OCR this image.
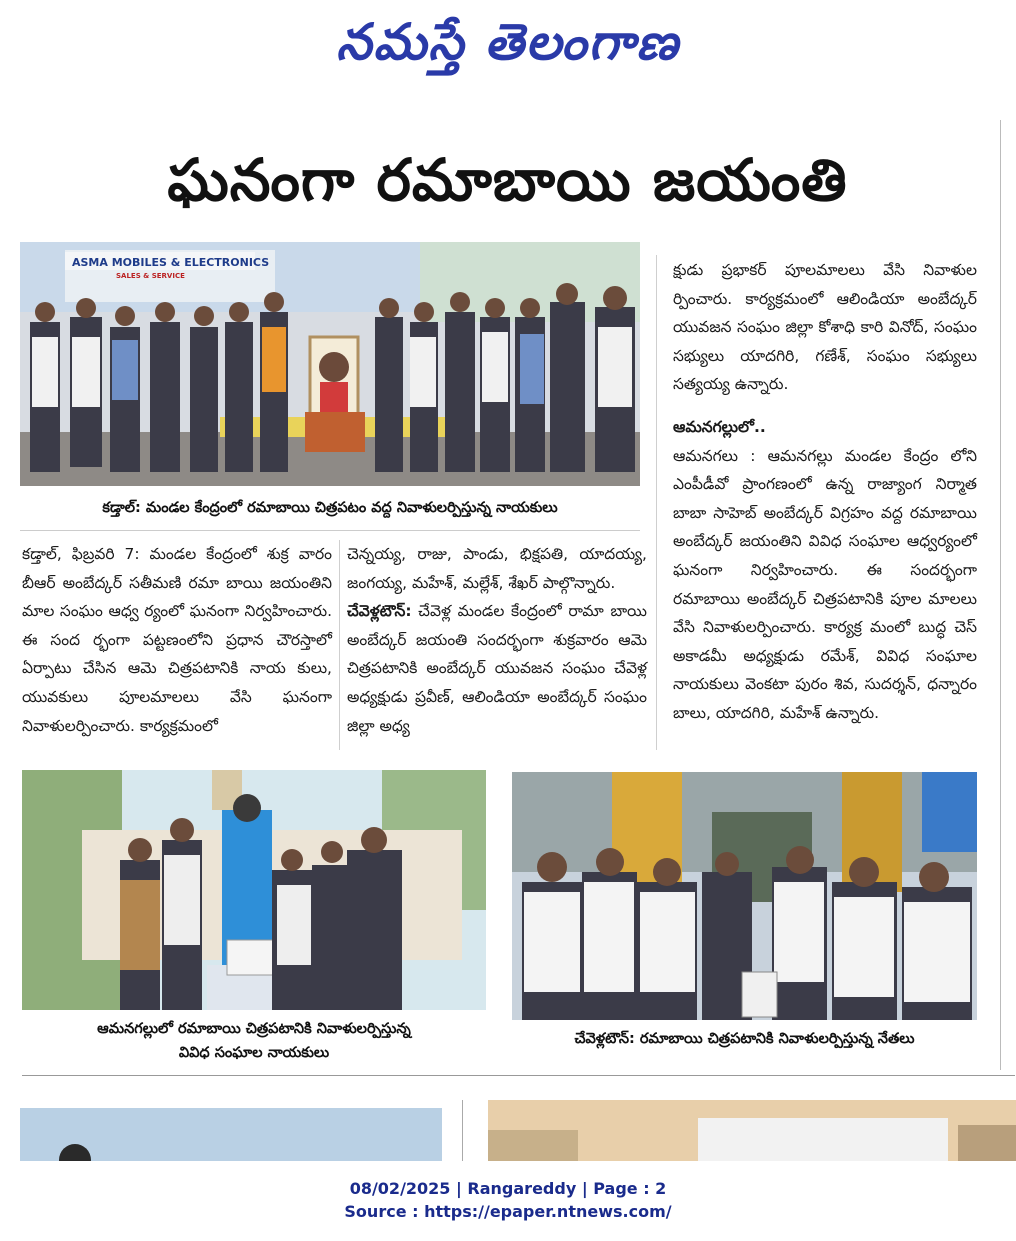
నమస్తే తెలంగాణ
ఘనంగా రమాబాయి జయంతి
ASMA MOBILES & ELECTRONICS
SALES & SERVICE
కడ్తాల్: మండల కేంద్రంలో రమాబాయి చిత్రపటం వద్ద నివాళులర్పిస్తున్న నాయకులు

కడ్తాల్, ఫిబ్రవరి 7: మండల కేంద్రంలో శుక్ర వారం బీఆర్ అంబేద్కర్ సతీమణి రమా బాయి జయంతిని మాల సంఘం ఆధ్వ ర్యంలో ఘనంగా నిర్వహించారు. ఈ సంద ర్భంగా పట్టణంలోని ప్రధాన చౌరస్తాలో ఏర్పాటు చేసిన ఆమె చిత్రపటానికి నాయ కులు, యువకులు పూలమాలలు వేసి ఘనంగా నివాళులర్పించారు. కార్యక్రమంలో

చెన్నయ్య, రాజు, పాండు, భిక్షపతి, యాదయ్య, జంగయ్య, మహేశ్, మల్లేశ్, శేఖర్ పాల్గొన్నారు.

చేవెళ్లటౌన్: చేవెళ్ల మండల కేంద్రంలో రామా బాయి అంబేద్కర్ జయంతి సందర్భంగా శుక్రవారం ఆమె చిత్రపటానికి అంబేద్కర్ యువజన సంఘం చేవెళ్ల అధ్యక్షుడు ప్రవీణ్, ఆలిండియా అంబేద్కర్ సంఘం జిల్లా అధ్య

క్షుడు ప్రభాకర్ పూలమాలలు వేసి నివాళుల ర్పించారు. కార్యక్రమంలో ఆలిండియా అంబేద్కర్ యువజన సంఘం జిల్లా కోశాధి కారి వినోద్, సంఘం సభ్యులు యాదగిరి, గణేశ్, సంఘం సభ్యులు సత్యయ్య ఉన్నారు.

ఆమనగల్లులో..

ఆమనగలు : ఆమనగల్లు మండల కేంద్రం లోని ఎంపీడీవో ప్రాంగణంలో ఉన్న రాజ్యాంగ నిర్మాత బాబా సాహెబ్ అంబేద్కర్ విగ్రహం వద్ద రమాబాయి అంబేద్కర్ జయంతిని వివిధ సంఘాల ఆధ్వర్యంలో ఘనంగా నిర్వహించారు. ఈ సందర్భంగా రమాబాయి అంబేద్కర్ చిత్రపటానికి పూల మాలలు వేసి నివాళులర్పించారు. కార్యక్ర మంలో బుద్ధ చెస్ అకాడమీ అధ్యక్షుడు రమేశ్, వివిధ సంఘాల నాయకులు వెంకటా పురం శివ, సుదర్శన్, ధన్నారం బాలు, యాదగిరి, మహేశ్ ఉన్నారు.

ఆమనగల్లులో రమాబాయి చిత్రపటానికి నివాళులర్పిస్తున్న
వివిధ సంఘాల నాయకులు
చేవెళ్లటౌన్: రమాబాయి చిత్రపటానికి నివాళులర్పిస్తున్న నేతలు
08/02/2025 | Rangareddy | Page : 2
Source : https://epaper.ntnews.com/
